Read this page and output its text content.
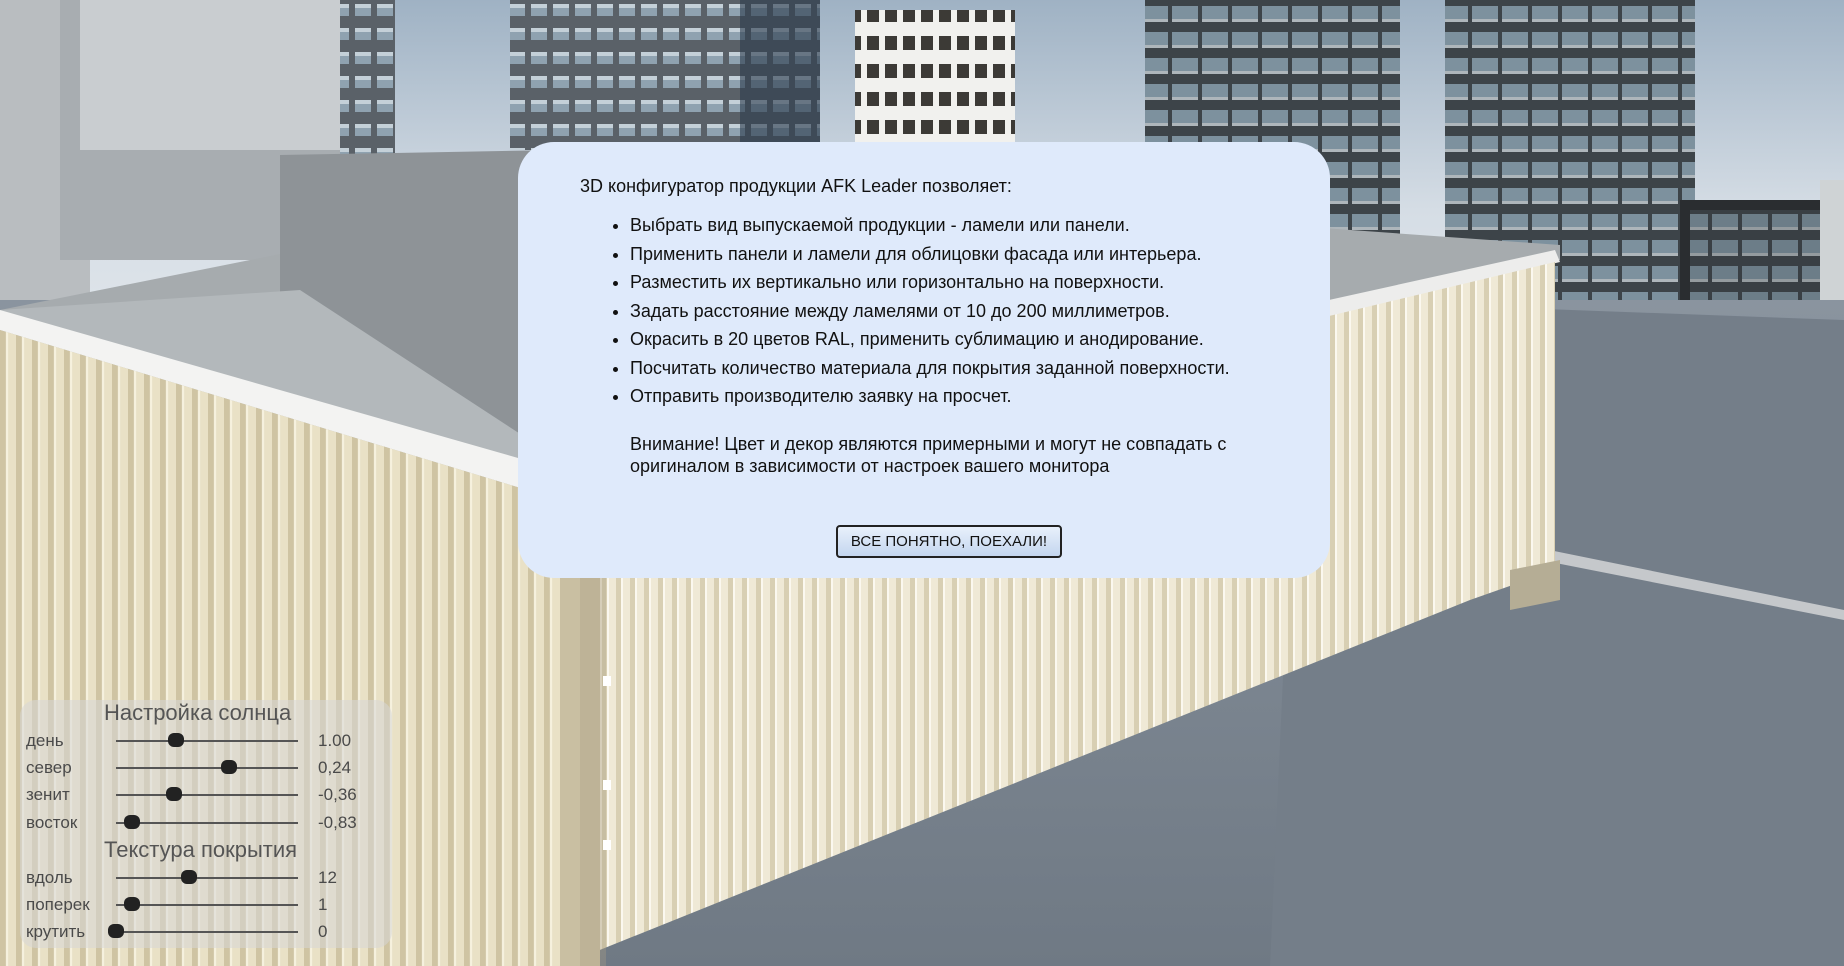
3D конфигуратор продукции AFK Leader позволяет:

• Выбрать вид выпускаемой продукции - ламели или панели.
• Применить панели и ламели для облицовки фасада или интерьера.
• Разместить их вертикально или горизонтально на поверхности.
• Задать расстояние между ламелями от 10 до 200 миллиметров.
• Окрасить в 20 цветов RAL, применить сублимацию и анодирование.
• Посчитать количество материала для покрытия заданной поверхности.
• Отправить производителю заявку на просчет.

Внимание! Цвет и декор являются примерными и могут не совпадать с оригиналом в зависимости от настроек вашего монитора

ВСЕ ПОНЯТНО, ПОЕХАЛИ!
Настройка солнца
день	1.00
север	0,24
зенит	-0,36
восток	-0,83
Текстура покрытия
вдоль	12
поперек	1
крутить	0
